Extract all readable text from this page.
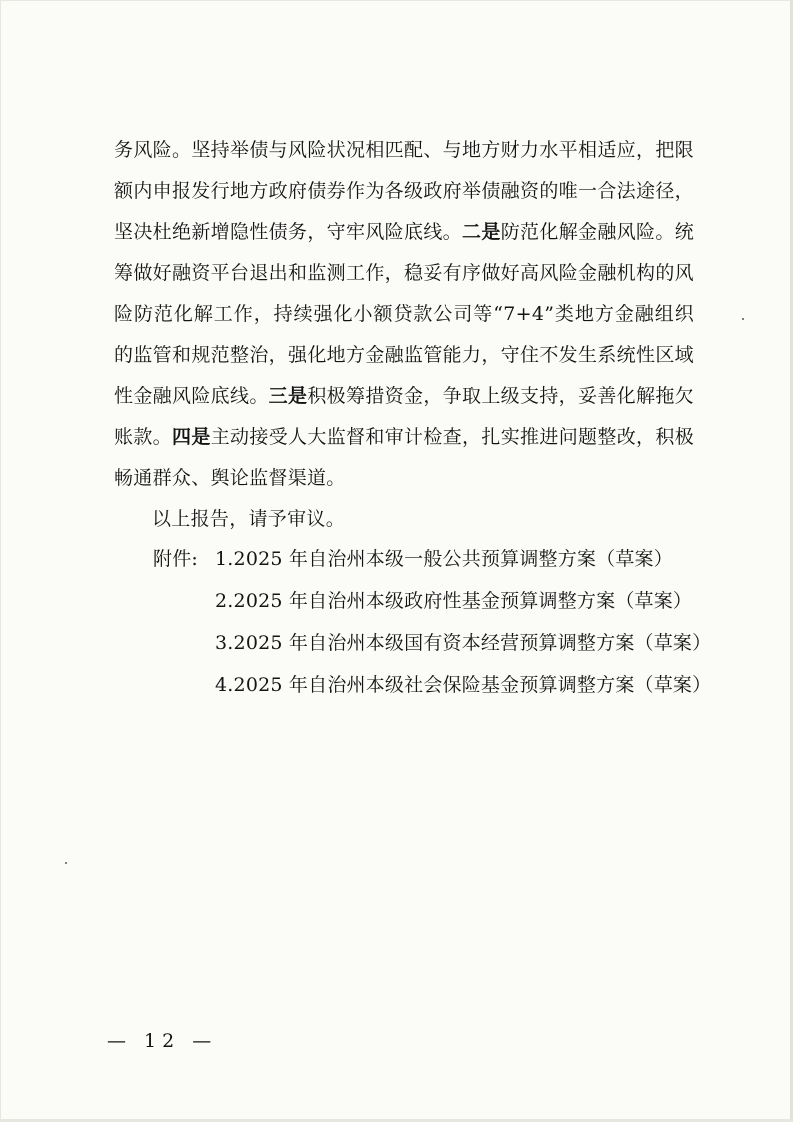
务风险。坚持举债与风险状况相匹配、与地方财力水平相适应，把限额内申报发行地方政府债券作为各级政府举债融资的唯一合法途径，坚决杜绝新增隐性债务，守牢风险底线。二是防范化解金融风险。统筹做好融资平台退出和监测工作，稳妥有序做好高风险金融机构的风险防范化解工作，持续强化小额贷款公司等“7+4”类地方金融组织的监管和规范整治，强化地方金融监管能力，守住不发生系统性区域性金融风险底线。三是积极筹措资金，争取上级支持，妥善化解拖欠账款。四是主动接受人大监督和审计检查，扎实推进问题整改，积极畅通群众、舆论监督渠道。

以上报告，请予审议。

附件: 1.2025 年自治州本级一般公共预算调整方案（草案）
2.2025 年自治州本级政府性基金预算调整方案（草案）
3.2025 年自治州本级国有资本经营预算调整方案（草案）
4.2025 年自治州本级社会保险基金预算调整方案（草案）
— 12 —
